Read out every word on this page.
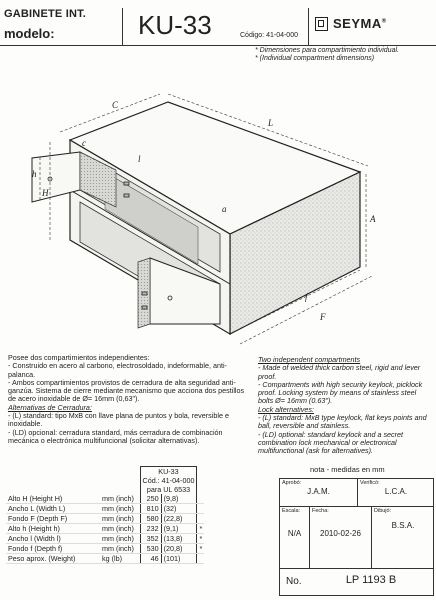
GABINETE INT.
modelo:	KU-33	Código: 41-04-000
SEYMA®
* Dimensiones para compartimiento individual.
* (Individual compartment dimensions)
L
C
A
H
h
c
l
a
f
F

Posee dos compartimientos independientes:

- Construido en acero al carbono, electrosoldado, indeformable, anti-palanca.

- Ambos compartimientos provistos de cerradura de alta seguridad anti-ganzúa. Sistema de cierre mediante mecanismo que acciona dos pestillos de acero inoxidable de Ø= 16mm (0,63").

Alternativas de Cerradura:

- (L) standard: tipo MxB con llave plana de puntos y bola, reversible e inoxidable.

- (LD) opcional: cerradura standard, más cerradura de combinación mecánica o electrónica multifuncional (solicitar alternativas).

Two independent compartments

- Made of welded thick carbon steel, rigid and lever proof.

- Compartments with high security keylock, picklock proof. Locking system by means of stainless steel bolts Ø= 16mm (0.63").

Lock alternatives:

- (L) standard: MxB type keylock, flat keys points and ball, reversible and stainless.

- (LD) optional: standard keylock and a secret combination lock mechanical or electronical multifunctional (ask for alternatives).

		KU-33		
		Cód.: 41-04-000		
		para UL 6533		
Alto H (Height H)	mm (inch)	250	(9,8)	
Ancho L (Width L)	mm (inch)	810	(32)	
Fondo F (Depth F)	mm (inch)	580	(22,8)	
Alto h (Height h)	mm (inch)	232	(9,1)	*
Ancho l (Width l)	mm (inch)	352	(13,8)	*
Fondo f (Depth f)	mm (inch)	530	(20,8)	*
Peso aprox. (Weight)	kg (lb)	46	(101)	
nota - medidas en mm
Aprobó:
J.A.M.
Verificó:
L.C.A.
Escala:
N/A
Fecha:
2010-02-26
Dibujó:
B.S.A.
No.	LP 1193 B
